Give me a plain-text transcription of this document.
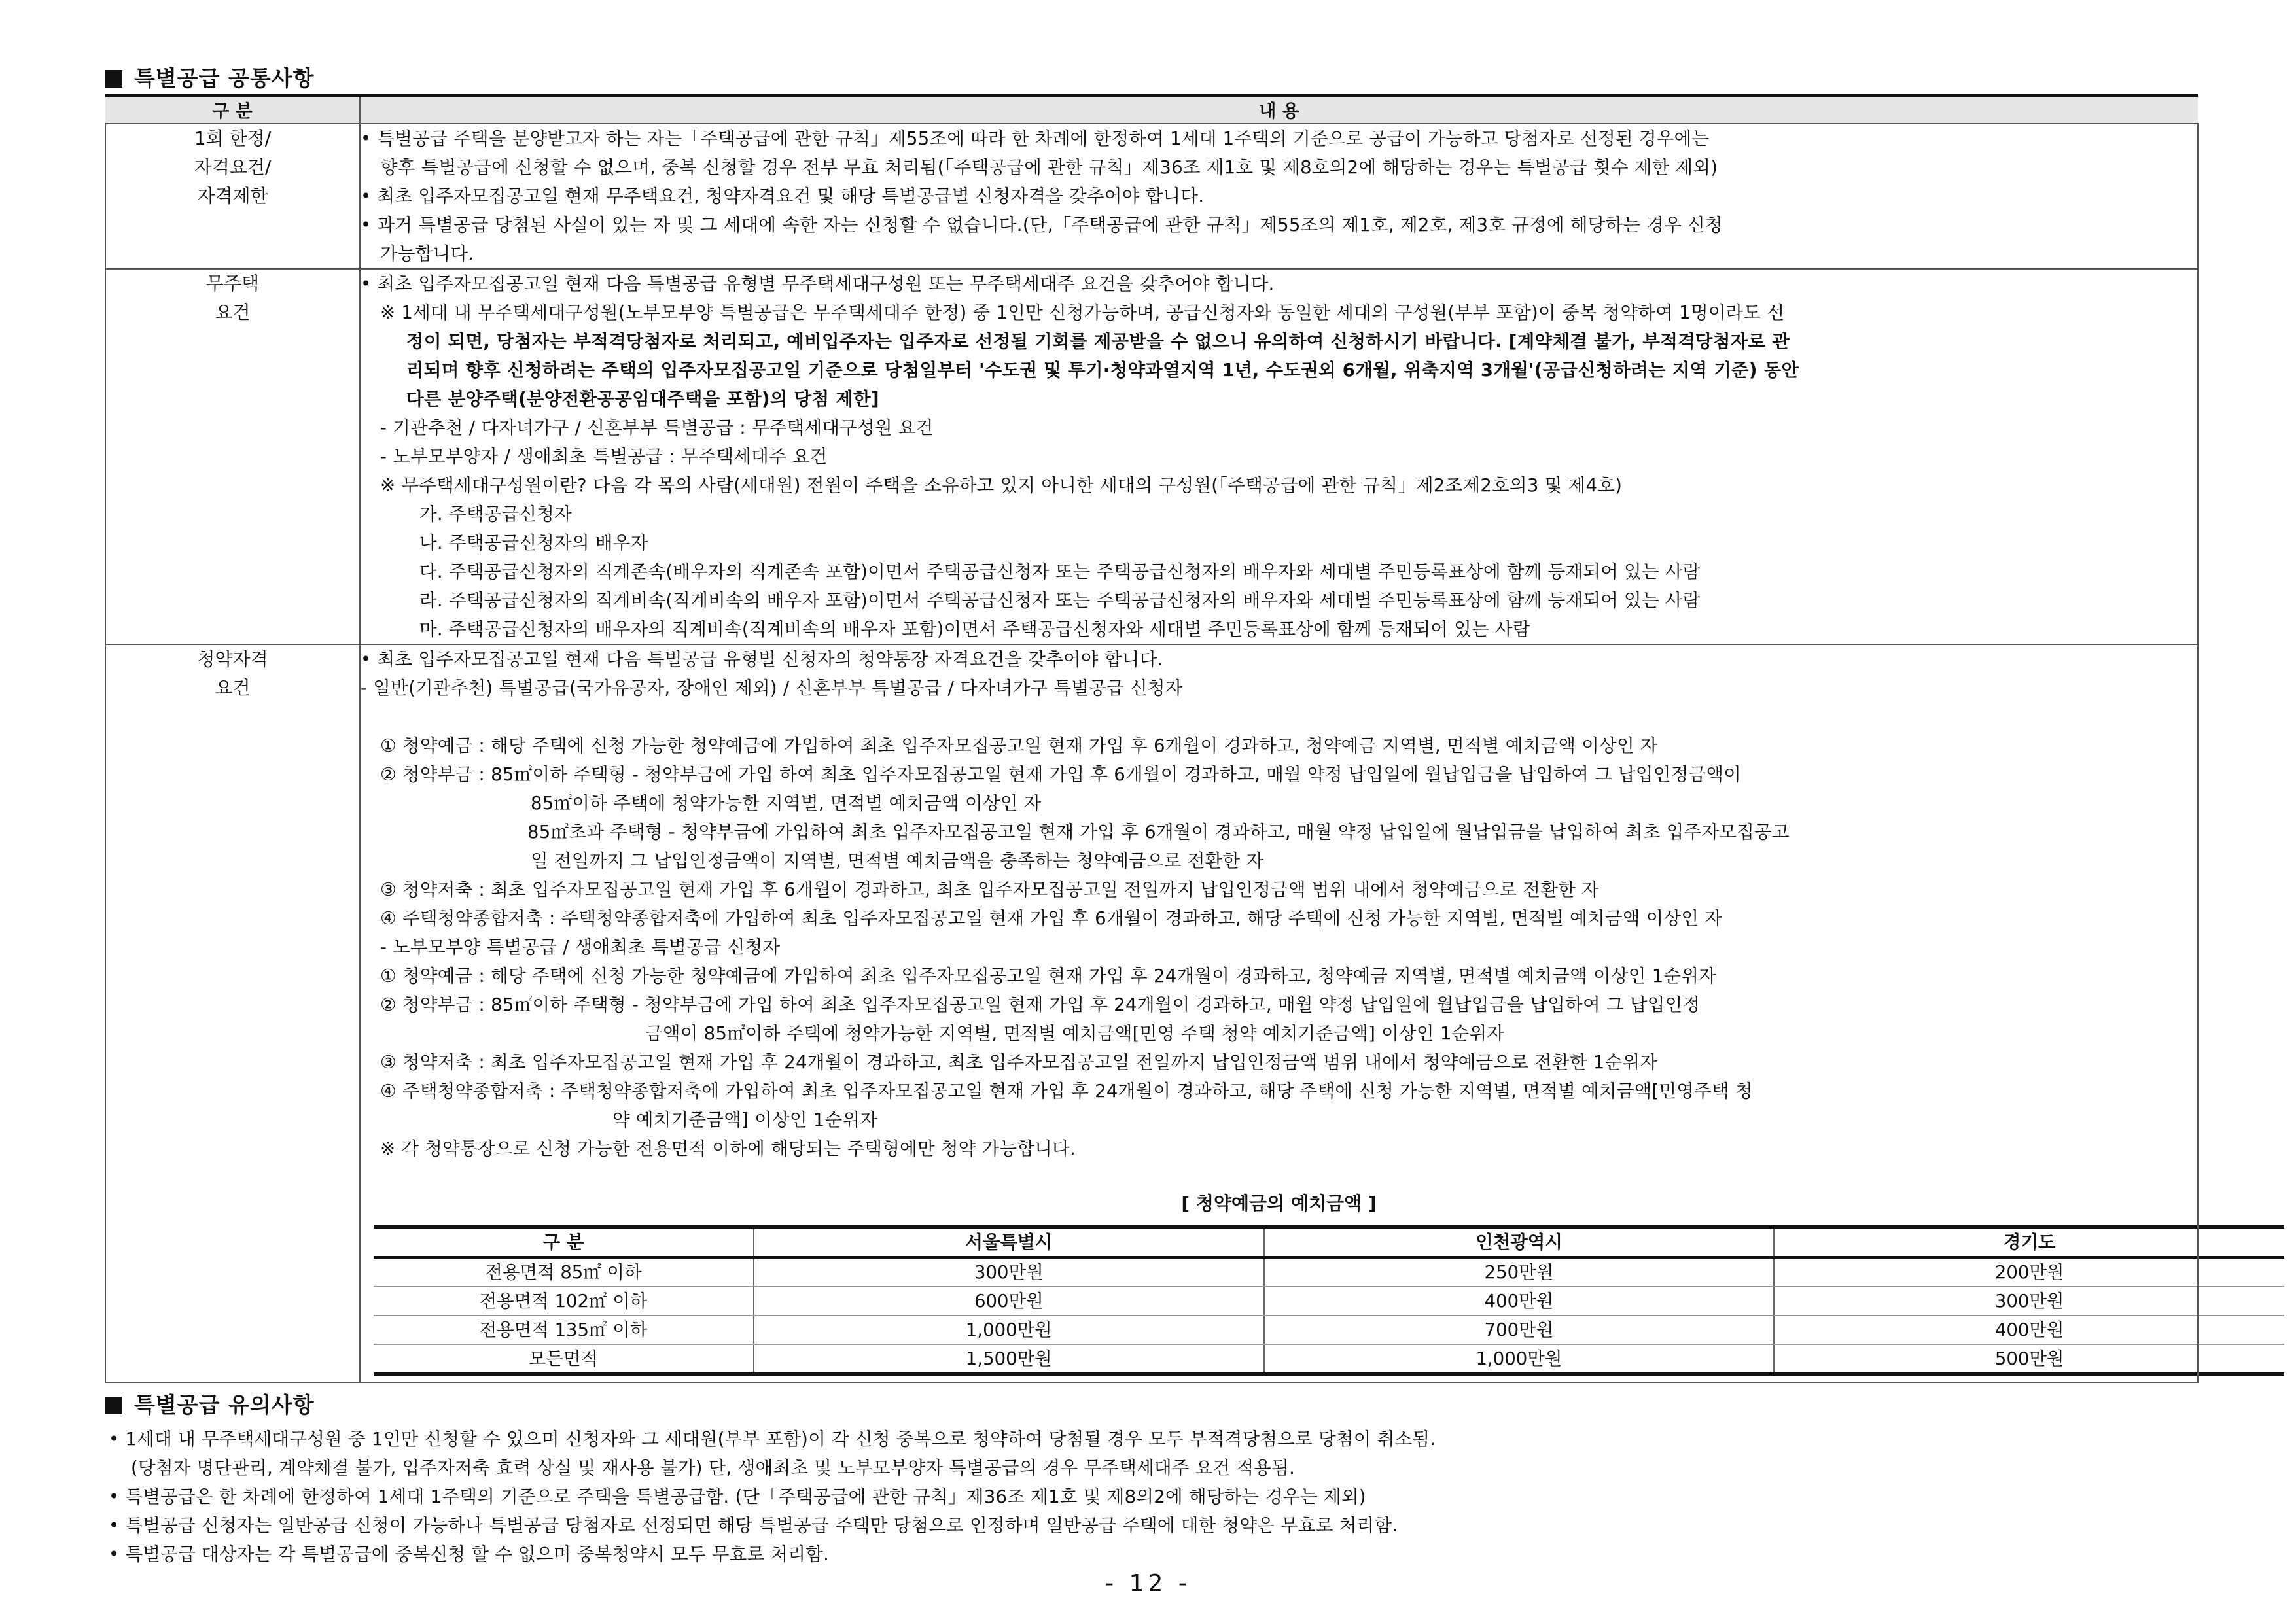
특별공급 공통사항
구 분	내 용

1회 한정/
자격요건/
자격제한

• 특별공급 주택을 분양받고자 하는 자는「주택공급에 관한 규칙」제55조에 따라 한 차례에 한정하여 1세대 1주택의 기준으로 공급이 가능하고 당첨자로 선정된 경우에는
향후 특별공급에 신청할 수 없으며, 중복 신청할 경우 전부 무효 처리됨(「주택공급에 관한 규칙」제36조 제1호 및 제8호의2에 해당하는 경우는 특별공급 횟수 제한 제외)
• 최초 입주자모집공고일 현재 무주택요건, 청약자격요건 및 해당 특별공급별 신청자격을 갖추어야 합니다.
• 과거 특별공급 당첨된 사실이 있는 자 및 그 세대에 속한 자는 신청할 수 없습니다.(단,「주택공급에 관한 규칙」제55조의 제1호, 제2호, 제3호 규정에 해당하는 경우 신청
가능합니다.

무주택
요건

• 최초 입주자모집공고일 현재 다음 특별공급 유형별 무주택세대구성원 또는 무주택세대주 요건을 갖추어야 합니다.
※ 1세대 내 무주택세대구성원(노부모부양 특별공급은 무주택세대주 한정) 중 1인만 신청가능하며, 공급신청자와 동일한 세대의 구성원(부부 포함)이 중복 청약하여 1명이라도 선
정이 되면, 당첨자는 부적격당첨자로 처리되고, 예비입주자는 입주자로 선정될 기회를 제공받을 수 없으니 유의하여 신청하시기 바랍니다. [계약체결 불가, 부적격당첨자로 관
리되며 향후 신청하려는 주택의 입주자모집공고일 기준으로 당첨일부터 '수도권 및 투기·청약과열지역 1년, 수도권외 6개월, 위축지역 3개월'(공급신청하려는 지역 기준) 동안
다른 분양주택(분양전환공공임대주택을 포함)의 당첨 제한]
- 기관추천 / 다자녀가구 / 신혼부부 특별공급 : 무주택세대구성원 요건
- 노부모부양자 / 생애최초 특별공급 : 무주택세대주 요건
※ 무주택세대구성원이란? 다음 각 목의 사람(세대원) 전원이 주택을 소유하고 있지 아니한 세대의 구성원(「주택공급에 관한 규칙」제2조제2호의3 및 제4호)
가. 주택공급신청자
나. 주택공급신청자의 배우자
다. 주택공급신청자의 직계존속(배우자의 직계존속 포함)이면서 주택공급신청자 또는 주택공급신청자의 배우자와 세대별 주민등록표상에 함께 등재되어 있는 사람
라. 주택공급신청자의 직계비속(직계비속의 배우자 포함)이면서 주택공급신청자 또는 주택공급신청자의 배우자와 세대별 주민등록표상에 함께 등재되어 있는 사람
마. 주택공급신청자의 배우자의 직계비속(직계비속의 배우자 포함)이면서 주택공급신청자와 세대별 주민등록표상에 함께 등재되어 있는 사람

청약자격
요건

• 최초 입주자모집공고일 현재 다음 특별공급 유형별 신청자의 청약통장 자격요건을 갖추어야 합니다.
- 일반(기관추천) 특별공급(국가유공자, 장애인 제외) / 신혼부부 특별공급 / 다자녀가구 특별공급 신청자

① 청약예금 : 해당 주택에 신청 가능한 청약예금에 가입하여 최초 입주자모집공고일 현재 가입 후 6개월이 경과하고, 청약예금 지역별, 면적별 예치금액 이상인 자
② 청약부금 : 85㎡이하 주택형 - 청약부금에 가입 하여 최초 입주자모집공고일 현재 가입 후 6개월이 경과하고, 매월 약정 납입일에 월납입금을 납입하여 그 납입인정금액이
85㎡이하 주택에 청약가능한 지역별, 면적별 예치금액 이상인 자
85㎡초과 주택형 - 청약부금에 가입하여 최초 입주자모집공고일 현재 가입 후 6개월이 경과하고, 매월 약정 납입일에 월납입금을 납입하여 최초 입주자모집공고
일 전일까지 그 납입인정금액이 지역별, 면적별 예치금액을 충족하는 청약예금으로 전환한 자
③ 청약저축 : 최초 입주자모집공고일 현재 가입 후 6개월이 경과하고, 최초 입주자모집공고일 전일까지 납입인정금액 범위 내에서 청약예금으로 전환한 자
④ 주택청약종합저축 : 주택청약종합저축에 가입하여 최초 입주자모집공고일 현재 가입 후 6개월이 경과하고, 해당 주택에 신청 가능한 지역별, 면적별 예치금액 이상인 자
- 노부모부양 특별공급 / 생애최초 특별공급 신청자
① 청약예금 : 해당 주택에 신청 가능한 청약예금에 가입하여 최초 입주자모집공고일 현재 가입 후 24개월이 경과하고, 청약예금 지역별, 면적별 예치금액 이상인 1순위자
② 청약부금 : 85㎡이하 주택형 - 청약부금에 가입 하여 최초 입주자모집공고일 현재 가입 후 24개월이 경과하고, 매월 약정 납입일에 월납입금을 납입하여 그 납입인정
금액이 85㎡이하 주택에 청약가능한 지역별, 면적별 예치금액[민영 주택 청약 예치기준금액] 이상인 1순위자
③ 청약저축 : 최초 입주자모집공고일 현재 가입 후 24개월이 경과하고, 최초 입주자모집공고일 전일까지 납입인정금액 범위 내에서 청약예금으로 전환한 1순위자
④ 주택청약종합저축 : 주택청약종합저축에 가입하여 최초 입주자모집공고일 현재 가입 후 24개월이 경과하고, 해당 주택에 신청 가능한 지역별, 면적별 예치금액[민영주택 청
약 예치기준금액] 이상인 1순위자
※ 각 청약통장으로 신청 가능한 전용면적 이하에 해당되는 주택형에만 청약 가능합니다.
[ 청약예금의 예치금액 ]
구 분	서울특별시	인천광역시	경기도
전용면적 85㎡ 이하	300만원	250만원	200만원
전용면적 102㎡ 이하	600만원	400만원	300만원
전용면적 135㎡ 이하	1,000만원	700만원	400만원
모든면적	1,500만원	1,000만원	500만원
특별공급 유의사항
• 1세대 내 무주택세대구성원 중 1인만 신청할 수 있으며 신청자와 그 세대원(부부 포함)이 각 신청 중복으로 청약하여 당첨될 경우 모두 부적격당첨으로 당첨이 취소됨.
(당첨자 명단관리, 계약체결 불가, 입주자저축 효력 상실 및 재사용 불가) 단, 생애최초 및 노부모부양자 특별공급의 경우 무주택세대주 요건 적용됨.
• 특별공급은 한 차례에 한정하여 1세대 1주택의 기준으로 주택을 특별공급함. (단「주택공급에 관한 규칙」제36조 제1호 및 제8의2에 해당하는 경우는 제외)
• 특별공급 신청자는 일반공급 신청이 가능하나 특별공급 당첨자로 선정되면 해당 특별공급 주택만 당첨으로 인정하며 일반공급 주택에 대한 청약은 무효로 처리함.
• 특별공급 대상자는 각 특별공급에 중복신청 할 수 없으며 중복청약시 모두 무효로 처리함.
- 12 -
